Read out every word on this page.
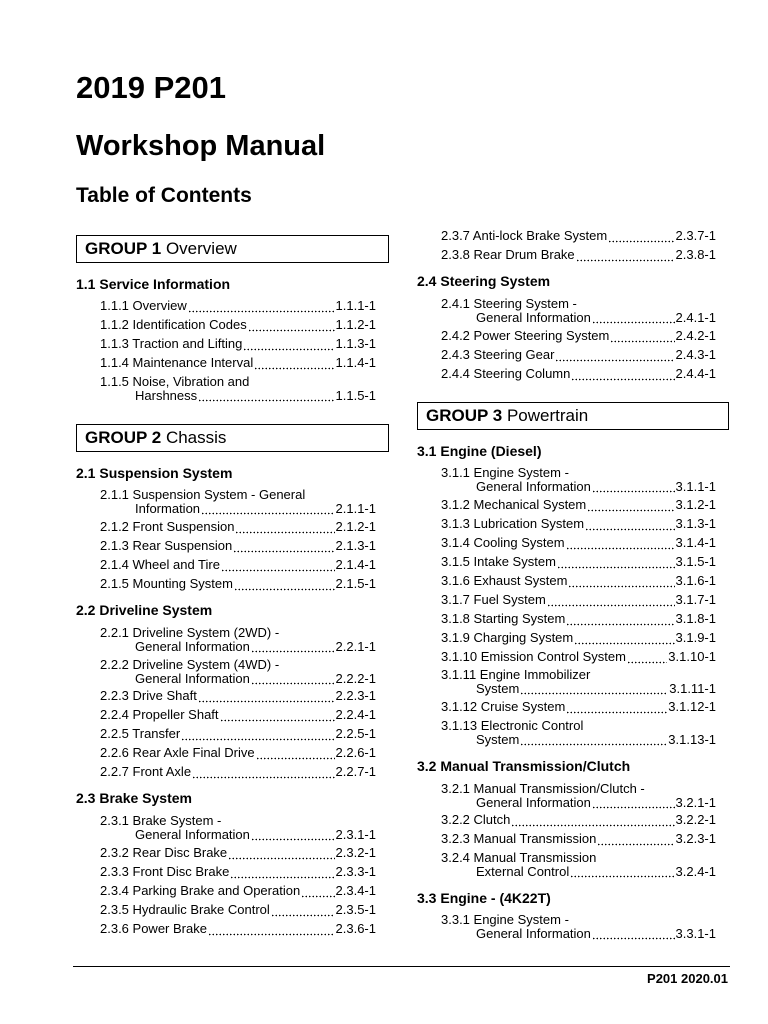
2019 P201
Workshop Manual
Table of Contents
GROUP 1 Overview
1.1 Service Information
1.1.1 Overview	1.1.1-1
1.1.2 Identification Codes	1.1.2-1
1.1.3 Traction and Lifting	1.1.3-1
1.1.4 Maintenance Interval	1.1.4-1
1.1.5 Noise, Vibration and
Harshness	1.1.5-1
GROUP 2 Chassis
2.1 Suspension System
2.1.1 Suspension System - General
Information	2.1.1-1
2.1.2 Front Suspension	2.1.2-1
2.1.3 Rear Suspension	2.1.3-1
2.1.4 Wheel and Tire	2.1.4-1
2.1.5 Mounting System	2.1.5-1
2.2 Driveline System
2.2.1 Driveline System (2WD) -
General Information	2.2.1-1
2.2.2 Driveline System (4WD) -
General Information	2.2.2-1
2.2.3 Drive Shaft	2.2.3-1
2.2.4 Propeller Shaft	2.2.4-1
2.2.5 Transfer	2.2.5-1
2.2.6 Rear Axle Final Drive	2.2.6-1
2.2.7 Front Axle	2.2.7-1
2.3 Brake System
2.3.1 Brake System -
General Information	2.3.1-1
2.3.2 Rear Disc Brake	2.3.2-1
2.3.3 Front Disc Brake	2.3.3-1
2.3.4 Parking Brake and Operation	2.3.4-1
2.3.5 Hydraulic Brake Control	2.3.5-1
2.3.6 Power Brake	2.3.6-1
2.3.7 Anti-lock Brake System	2.3.7-1
2.3.8 Rear Drum Brake	2.3.8-1
2.4 Steering System
2.4.1 Steering System -
General Information	2.4.1-1
2.4.2 Power Steering System	2.4.2-1
2.4.3 Steering Gear	2.4.3-1
2.4.4 Steering Column	2.4.4-1
GROUP 3 Powertrain
3.1 Engine (Diesel)
3.1.1 Engine System -
General Information	3.1.1-1
3.1.2 Mechanical System	3.1.2-1
3.1.3 Lubrication System	3.1.3-1
3.1.4 Cooling System	3.1.4-1
3.1.5 Intake System	3.1.5-1
3.1.6 Exhaust System	3.1.6-1
3.1.7 Fuel System	3.1.7-1
3.1.8 Starting System	3.1.8-1
3.1.9 Charging System	3.1.9-1
3.1.10 Emission Control System	3.1.10-1
3.1.11 Engine Immobilizer
System	3.1.11-1
3.1.12 Cruise System	3.1.12-1
3.1.13 Electronic Control
System	3.1.13-1
3.2 Manual Transmission/Clutch
3.2.1 Manual Transmission/Clutch -
General Information	3.2.1-1
3.2.2 Clutch	3.2.2-1
3.2.3 Manual Transmission	3.2.3-1
3.2.4 Manual Transmission
External Control	3.2.4-1
3.3 Engine - (4K22T)
3.3.1 Engine System -
General Information	3.3.1-1
P201 2020.01
